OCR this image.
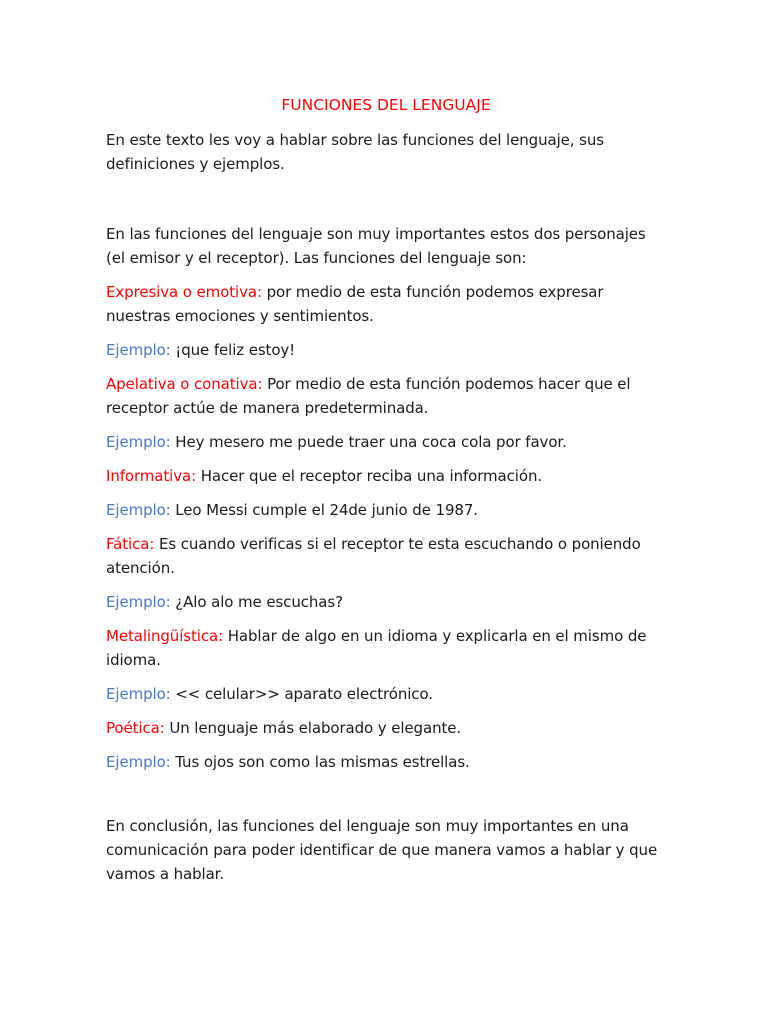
FUNCIONES DEL LENGUAJE

En este texto les voy a hablar sobre las funciones del lenguaje, sus definiciones y ejemplos.

En las funciones del lenguaje son muy importantes estos dos personajes (el emisor y el receptor). Las funciones del lenguaje son:

Expresiva o emotiva: por medio de esta función podemos expresar nuestras emociones y sentimientos.

Ejemplo: ¡que feliz estoy!

Apelativa o conativa: Por medio de esta función podemos hacer que el receptor actúe de manera predeterminada.

Ejemplo: Hey mesero me puede traer una coca cola por favor.

Informativa: Hacer que el receptor reciba una información.

Ejemplo: Leo Messi cumple el 24de junio de 1987.

Fática: Es cuando verificas si el receptor te esta escuchando o poniendo atención.

Ejemplo: ¿Alo alo me escuchas?

Metalingüística: Hablar de algo en un idioma y explicarla en el mismo de idioma.

Ejemplo: << celular>> aparato electrónico.

Poética: Un lenguaje más elaborado y elegante.

Ejemplo: Tus ojos son como las mismas estrellas.

En conclusión, las funciones del lenguaje son muy importantes en una comunicación para poder identificar de que manera vamos a hablar y que vamos a hablar.
